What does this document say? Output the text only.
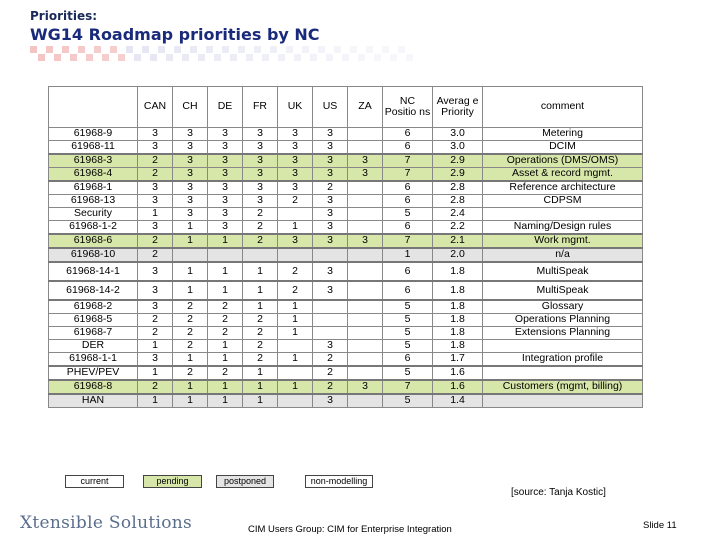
Priorities:
WG14 Roadmap priorities by NC
	CAN	CH	DE	FR	UK	US	ZA	NC Positio ns	Averag e Priority	comment
61968-9	3	3	3	3	3	3		6	3.0	Metering
61968-11	3	3	3	3	3	3		6	3.0	DCIM
61968-3	2	3	3	3	3	3	3	7	2.9	Operations (DMS/OMS)
61968-4	2	3	3	3	3	3	3	7	2.9	Asset & record mgmt.
61968-1	3	3	3	3	3	2		6	2.8	Reference architecture
61968-13	3	3	3	3	2	3		6	2.8	CDPSM
Security	1	3	3	2		3		5	2.4	
61968-1-2	3	1	3	2	1	3		6	2.2	Naming/Design rules
61968-6	2	1	1	2	3	3	3	7	2.1	Work mgmt.
61968-10	2							1	2.0	n/a
61968-14-1	3	1	1	1	2	3		6	1.8	MultiSpeak
61968-14-2	3	1	1	1	2	3		6	1.8	MultiSpeak
61968-2	3	2	2	1	1			5	1.8	Glossary
61968-5	2	2	2	2	1			5	1.8	Operations Planning
61968-7	2	2	2	2	1			5	1.8	Extensions Planning
DER	1	2	1	2		3		5	1.8	
61968-1-1	3	1	1	2	1	2		6	1.7	Integration profile
PHEV/PEV	1	2	2	1		2		5	1.6	
61968-8	2	1	1	1	1	2	3	7	1.6	Customers (mgmt, billing)
HAN	1	1	1	1		3		5	1.4	
current	pending	postponed	non-modelling
[source: Tanja Kostic]
Xtensible Solutions	CIM Users Group: CIM for Enterprise Integration	Slide 11
